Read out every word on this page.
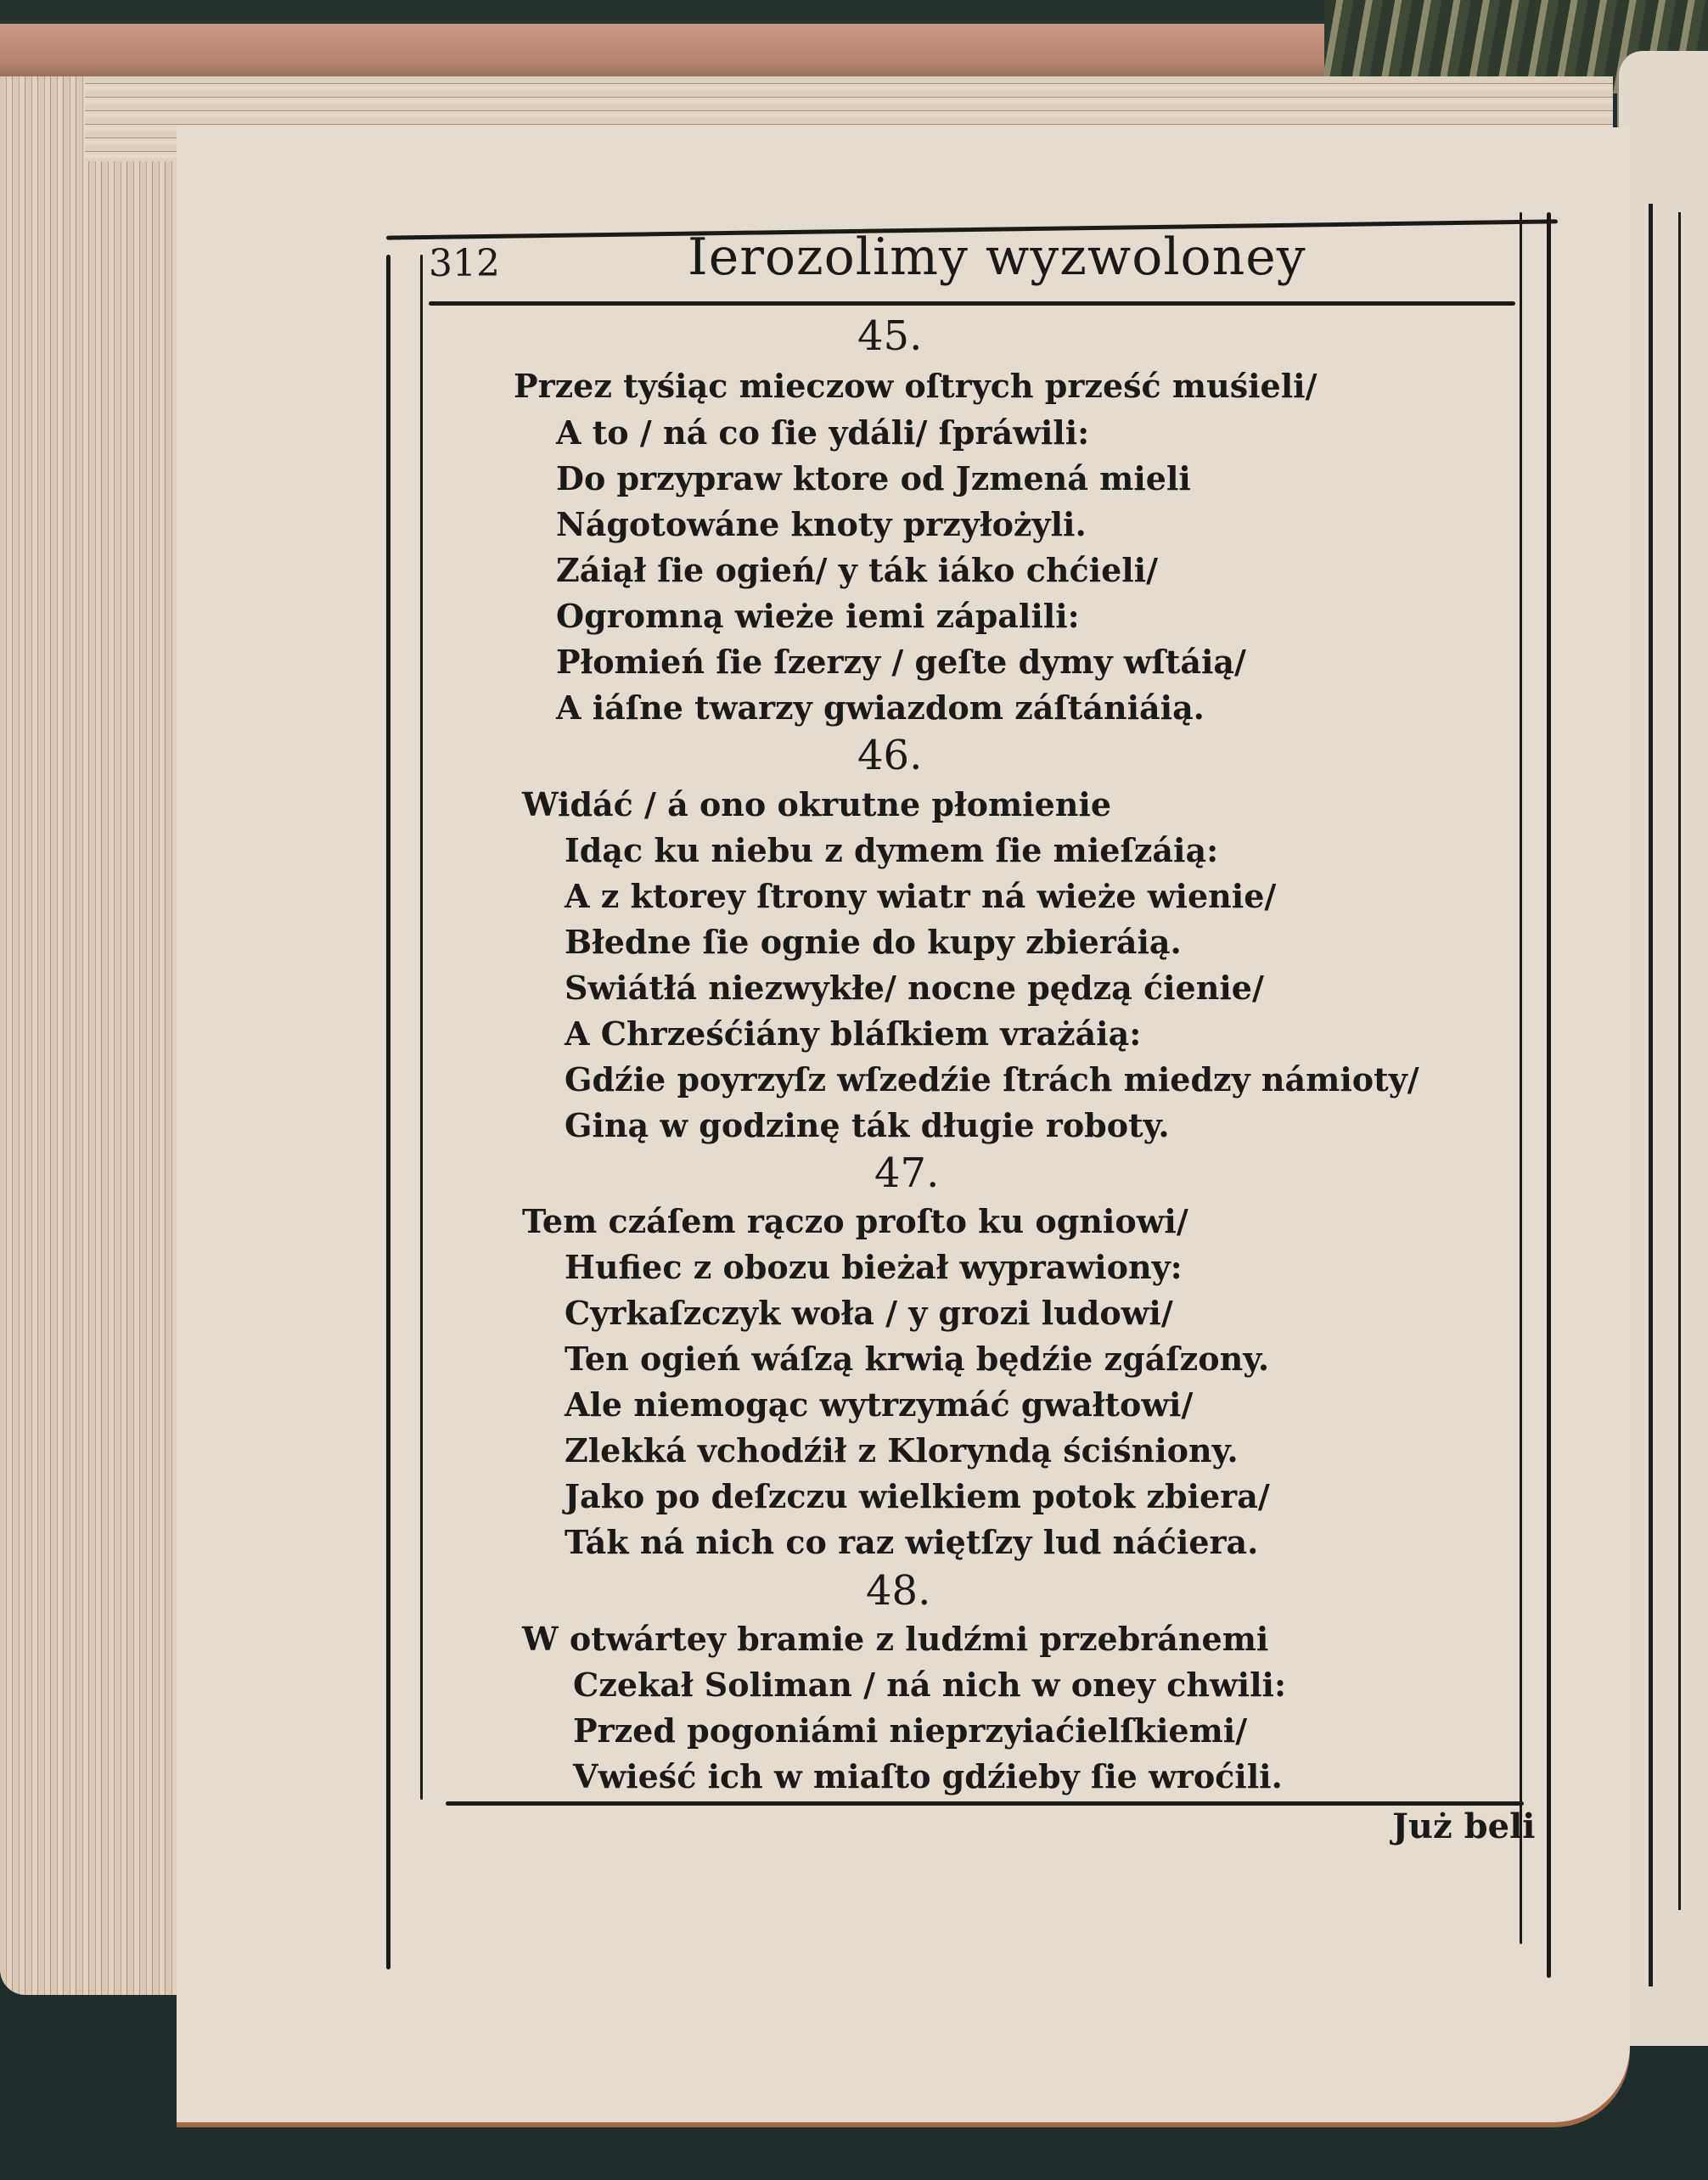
312	Ierozolimy wyzwoloney
45.
Przez tyśiąc mieczow oſtrych prześć muśieli/
A to / ná co ſie ydáli/ ſpráwili:
Do przypraw ktore od Jzmená mieli
Nágotowáne knoty przyłożyli.
Záiął ſie ogień/ y ták iáko chćieli/
Ogromną wieże iemi zápalili:
Płomień ſie ſzerzy / geſte dymy wſtáią/
A iáſne twarzy gwiazdom záſtániáią.
46.
Widáć / á ono okrutne płomienie
Idąc ku niebu z dymem ſie mieſzáią:
A z ktorey ſtrony wiatr ná wieże wienie/
Błedne ſie ognie do kupy zbieráią.
Swiátłá niezwykłe/ nocne pędzą ćienie/
A Chrześćiány bláſkiem vrażáią:
Gdźie poyrzyſz wſzedźie ſtrách miedzy námioty/
Giną w godzinę ták długie roboty.
47.
Tem czáſem rączo proſto ku ogniowi/
Hufiec z obozu bieżał wyprawiony:
Cyrkaſzczyk woła / y grozi ludowi/
Ten ogień wáſzą krwią będźie zgáſzony.
Ale niemogąc wytrzymáć gwałtowi/
Zlekká vchodźił z Kloryndą ściśniony.
Jako po deſzczu wielkiem potok zbiera/
Ták ná nich co raz więtſzy lud náćiera.
48.
W otwártey bramie z ludźmi przebránemi
Czekał Soliman / ná nich w oney chwili:
Przed pogoniámi nieprzyiaćielſkiemi/
Vwieść ich w miaſto gdźieby ſie wroćili.
Już beli
